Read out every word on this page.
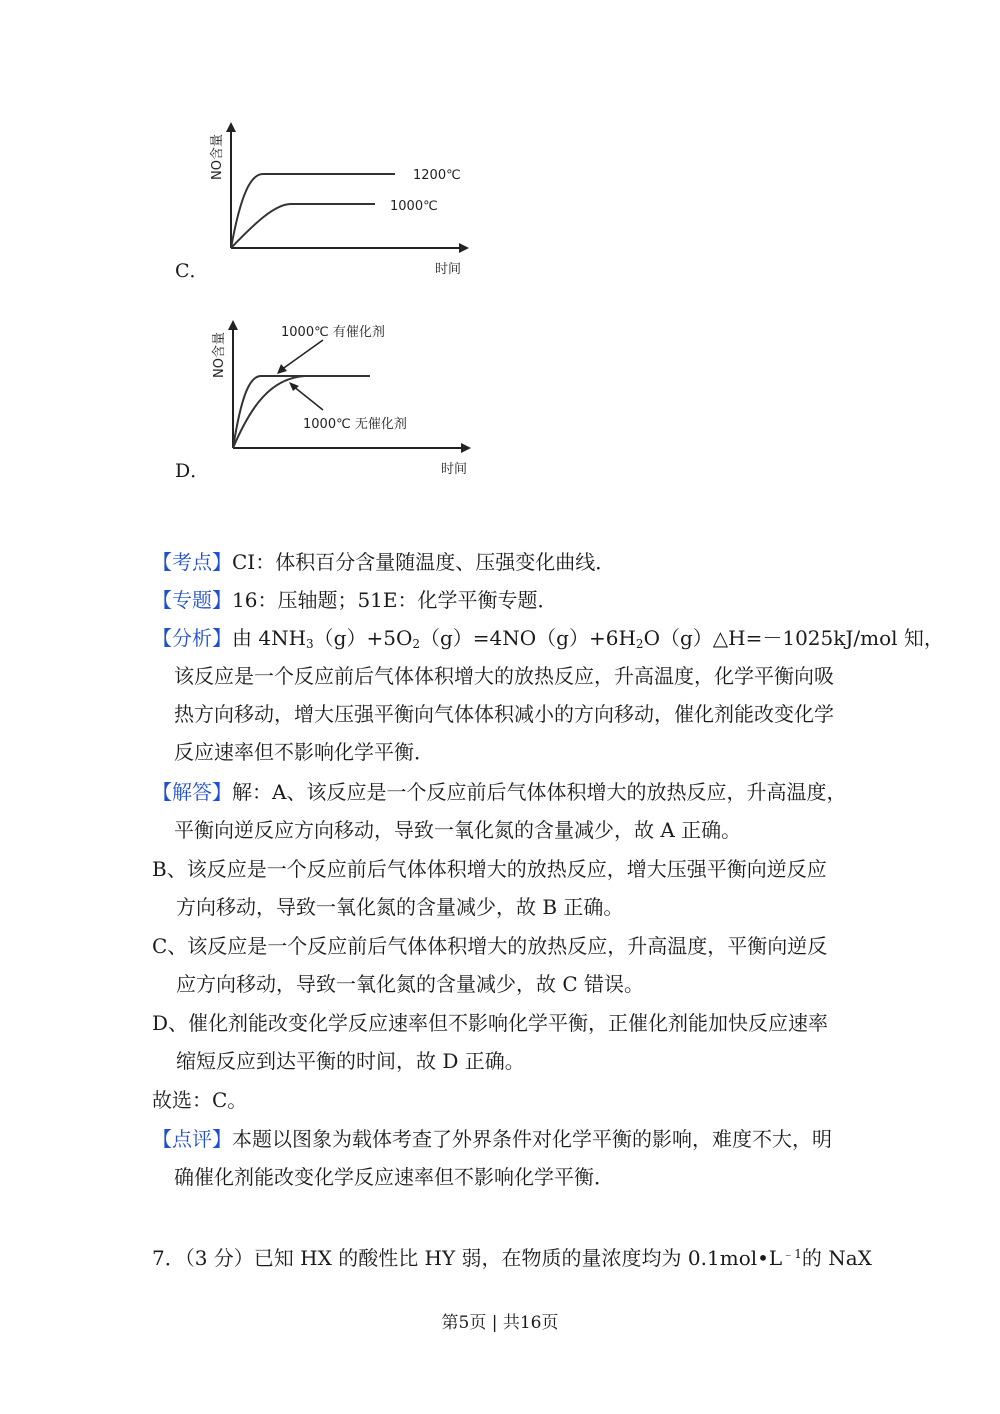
1200℃
1000℃
时间
NO含量
C．
1000℃ 有催化剂
1000℃ 无催化剂
时间
NO含量
D．
【考点】CI：体积百分含量随温度、压强变化曲线．
【专题】16：压轴题；51E：化学平衡专题．
【分析】由 $4NH_3(g)+5O_2(g)=4NO(g)+6H_2O(g)\triangle H=-1025kJ$/mol 知，
该反应是一个反应前后气体体积增大的放热反应，升高温度，化学平衡向吸
热方向移动，增大压强平衡向气体体积减小的方向移动，催化剂能改变化学
反应速率但不影响化学平衡．
【解答】解：A、该反应是一个反应前后气体体积增大的放热反应，升高温度，
平衡向逆反应方向移动，导致一氧化氮的含量减少，故 A 正确。
B、该反应是一个反应前后气体体积增大的放热反应，增大压强平衡向逆反应
方向移动，导致一氧化氮的含量减少，故 B 正确。
C、该反应是一个反应前后气体体积增大的放热反应，升高温度，平衡向逆反
应方向移动，导致一氧化氮的含量减少，故 C 错误。
D、催化剂能改变化学反应速率但不影响化学平衡，正催化剂能加快反应速率
缩短反应到达平衡的时间，故 D 正确。
故选：C。
【点评】本题以图象为载体考查了外界条件对化学平衡的影响，难度不大，明
确催化剂能改变化学反应速率但不影响化学平衡．
7．（3 分）已知 HX 的酸性比 HY 弱，在物质的量浓度均为 $0.1mol•L^{﹣1}$的 NaX
第5页 | 共16页
